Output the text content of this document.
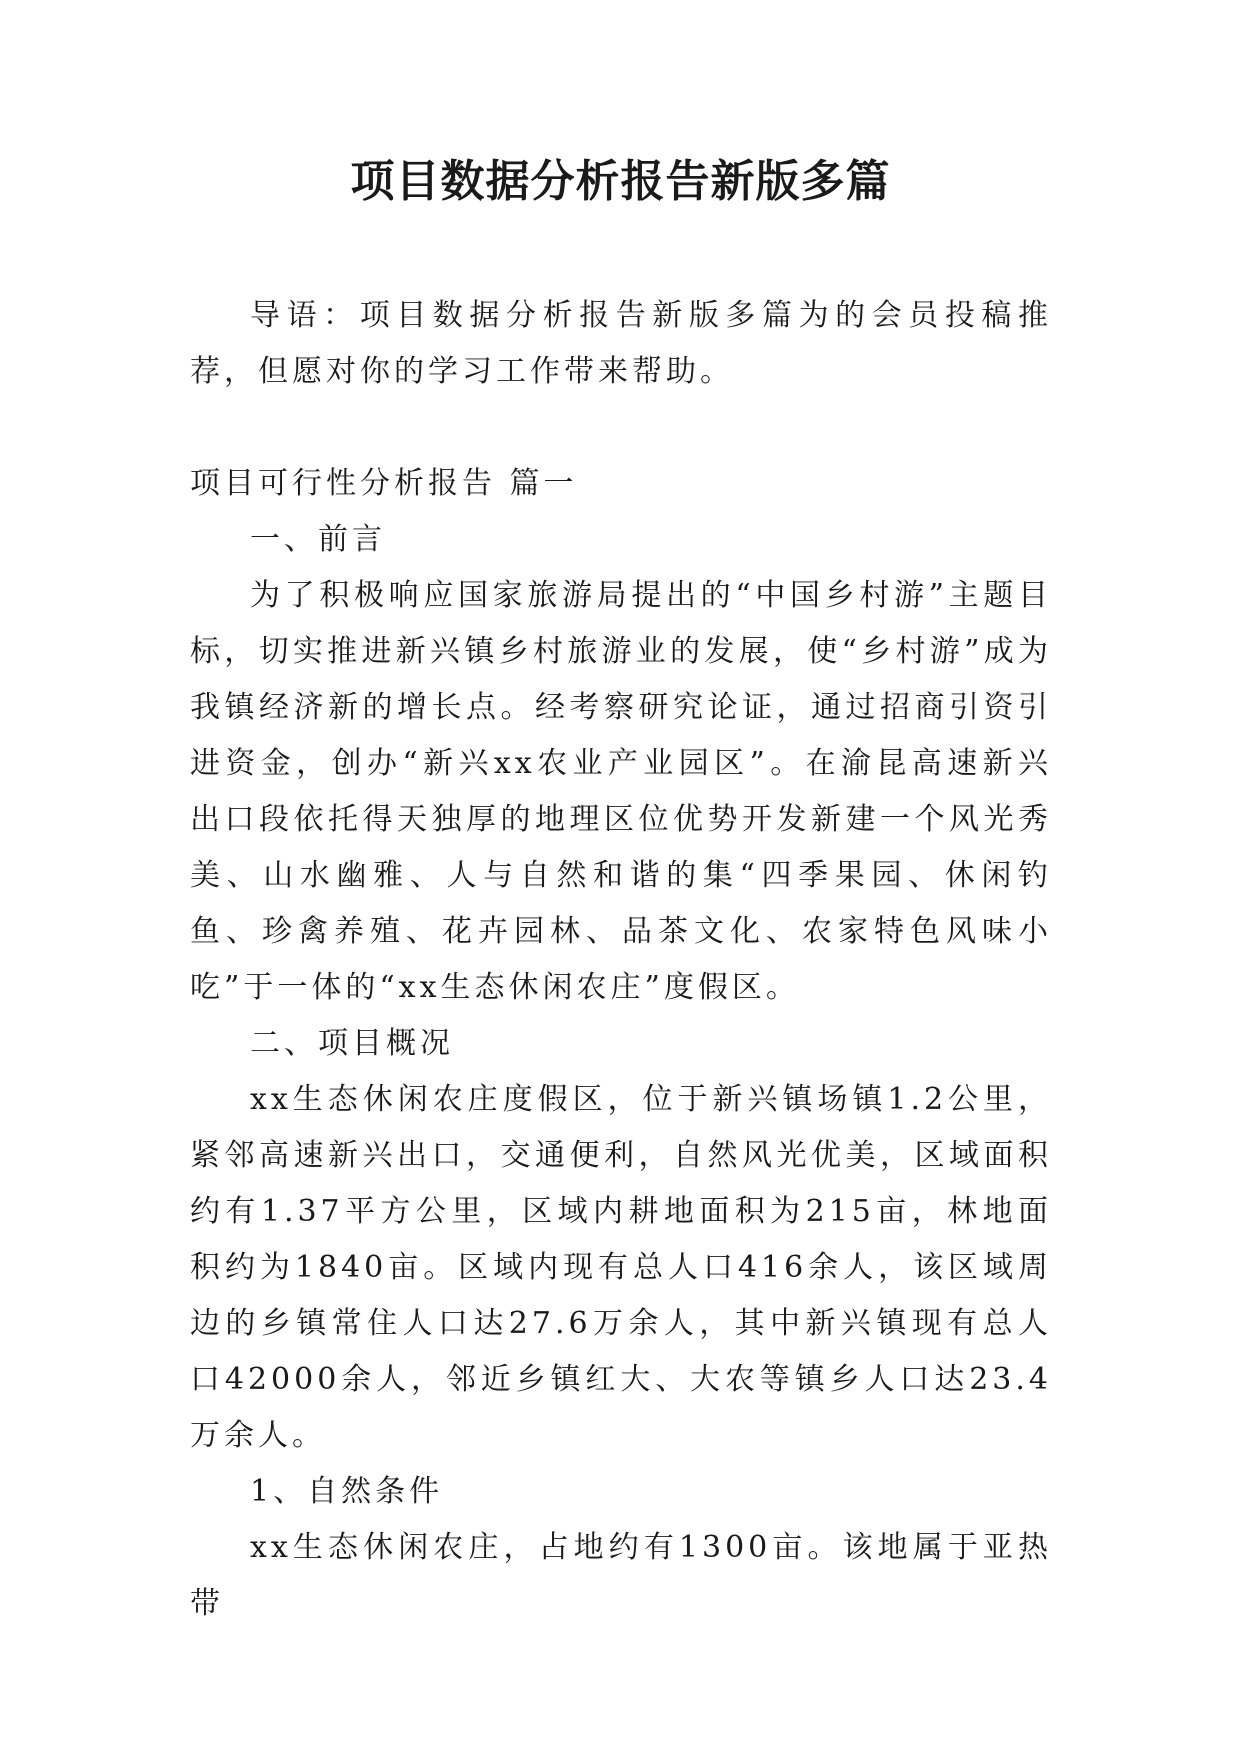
项目数据分析报告新版多篇

导语：项目数据分析报告新版多篇为的会员投稿推荐，但愿对你的学习工作带来帮助。

项目可行性分析报告 篇一

一、前言

为了积极响应国家旅游局提出的“中国乡村游”主题目标，切实推进新兴镇乡村旅游业的发展，使“乡村游”成为我镇经济新的增长点。经考察研究论证，通过招商引资引进资金，创办“新兴xx农业产业园区”。在渝昆高速新兴出口段依托得天独厚的地理区位优势开发新建一个风光秀美、山水幽雅、人与自然和谐的集“四季果园、休闲钓鱼、珍禽养殖、花卉园林、品茶文化、农家特色风味小吃”于一体的“xx生态休闲农庄”度假区。

二、项目概况

xx生态休闲农庄度假区，位于新兴镇场镇1.2公里，紧邻高速新兴出口，交通便利，自然风光优美，区域面积约有1.37平方公里，区域内耕地面积为215亩，林地面积约为1840亩。区域内现有总人口416余人，该区域周边的乡镇常住人口达27.6万余人，其中新兴镇现有总人口42000余人，邻近乡镇红大、大农等镇乡人口达23.4万余人。

1、自然条件

xx生态休闲农庄，占地约有1300亩。该地属于亚热带
